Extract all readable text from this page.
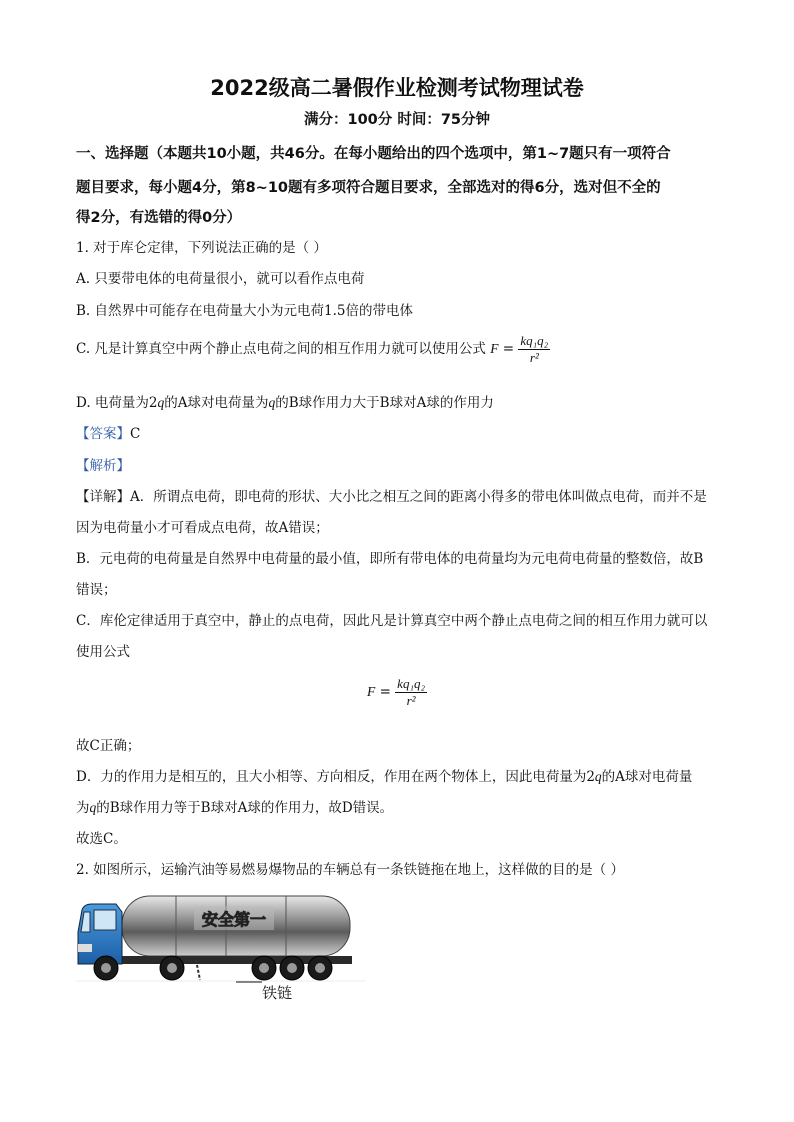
2022级高二暑假作业检测考试物理试卷
满分：100分 时间：75分钟
一、选择题（本题共10小题，共46分。在每小题给出的四个选项中，第1~7题只有一项符合
题目要求，每小题4分，第8~10题有多项符合题目要求，全部选对的得6分，选对但不全的
得2分，有选错的得0分）
1. 对于库仑定律，下列说法正确的是（ ）
A. 只要带电体的电荷量很小，就可以看作点电荷
B. 自然界中可能存在电荷量大小为元电荷1.5倍的带电体
C. 凡是计算真空中两个静止点电荷之间的相互作用力就可以使用公式 $F = \frac{\text{kq₁q₂}}{\text{r²}}$
D. 电荷量为2q的A球对电荷量为q的B球作用力大于B球对A球的作用力
【答案】C
【解析】
【详解】A．所谓点电荷，即电荷的形状、大小比之相互之间的距离小得多的带电体叫做点电荷，而并不是
因为电荷量小才可看成点电荷，故A错误；
B．元电荷的电荷量是自然界中电荷量的最小值，即所有带电体的电荷量均为元电荷电荷量的整数倍，故B
错误；
C．库伦定律适用于真空中，静止的点电荷，因此凡是计算真空中两个静止点电荷之间的相互作用力就可以
使用公式
$F = \frac{\text{kq₁q₂}}{\text{r²}}$
故C正确；
D．力的作用力是相互的，且大小相等、方向相反，作用在两个物体上，因此电荷量为2q的A球对电荷量
为q的B球作用力等于B球对A球的作用力，故D错误。
故选C。
2. 如图所示，运输汽油等易燃易爆物品的车辆总有一条铁链拖在地上，这样做的目的是（ ）
安全第一
铁链
